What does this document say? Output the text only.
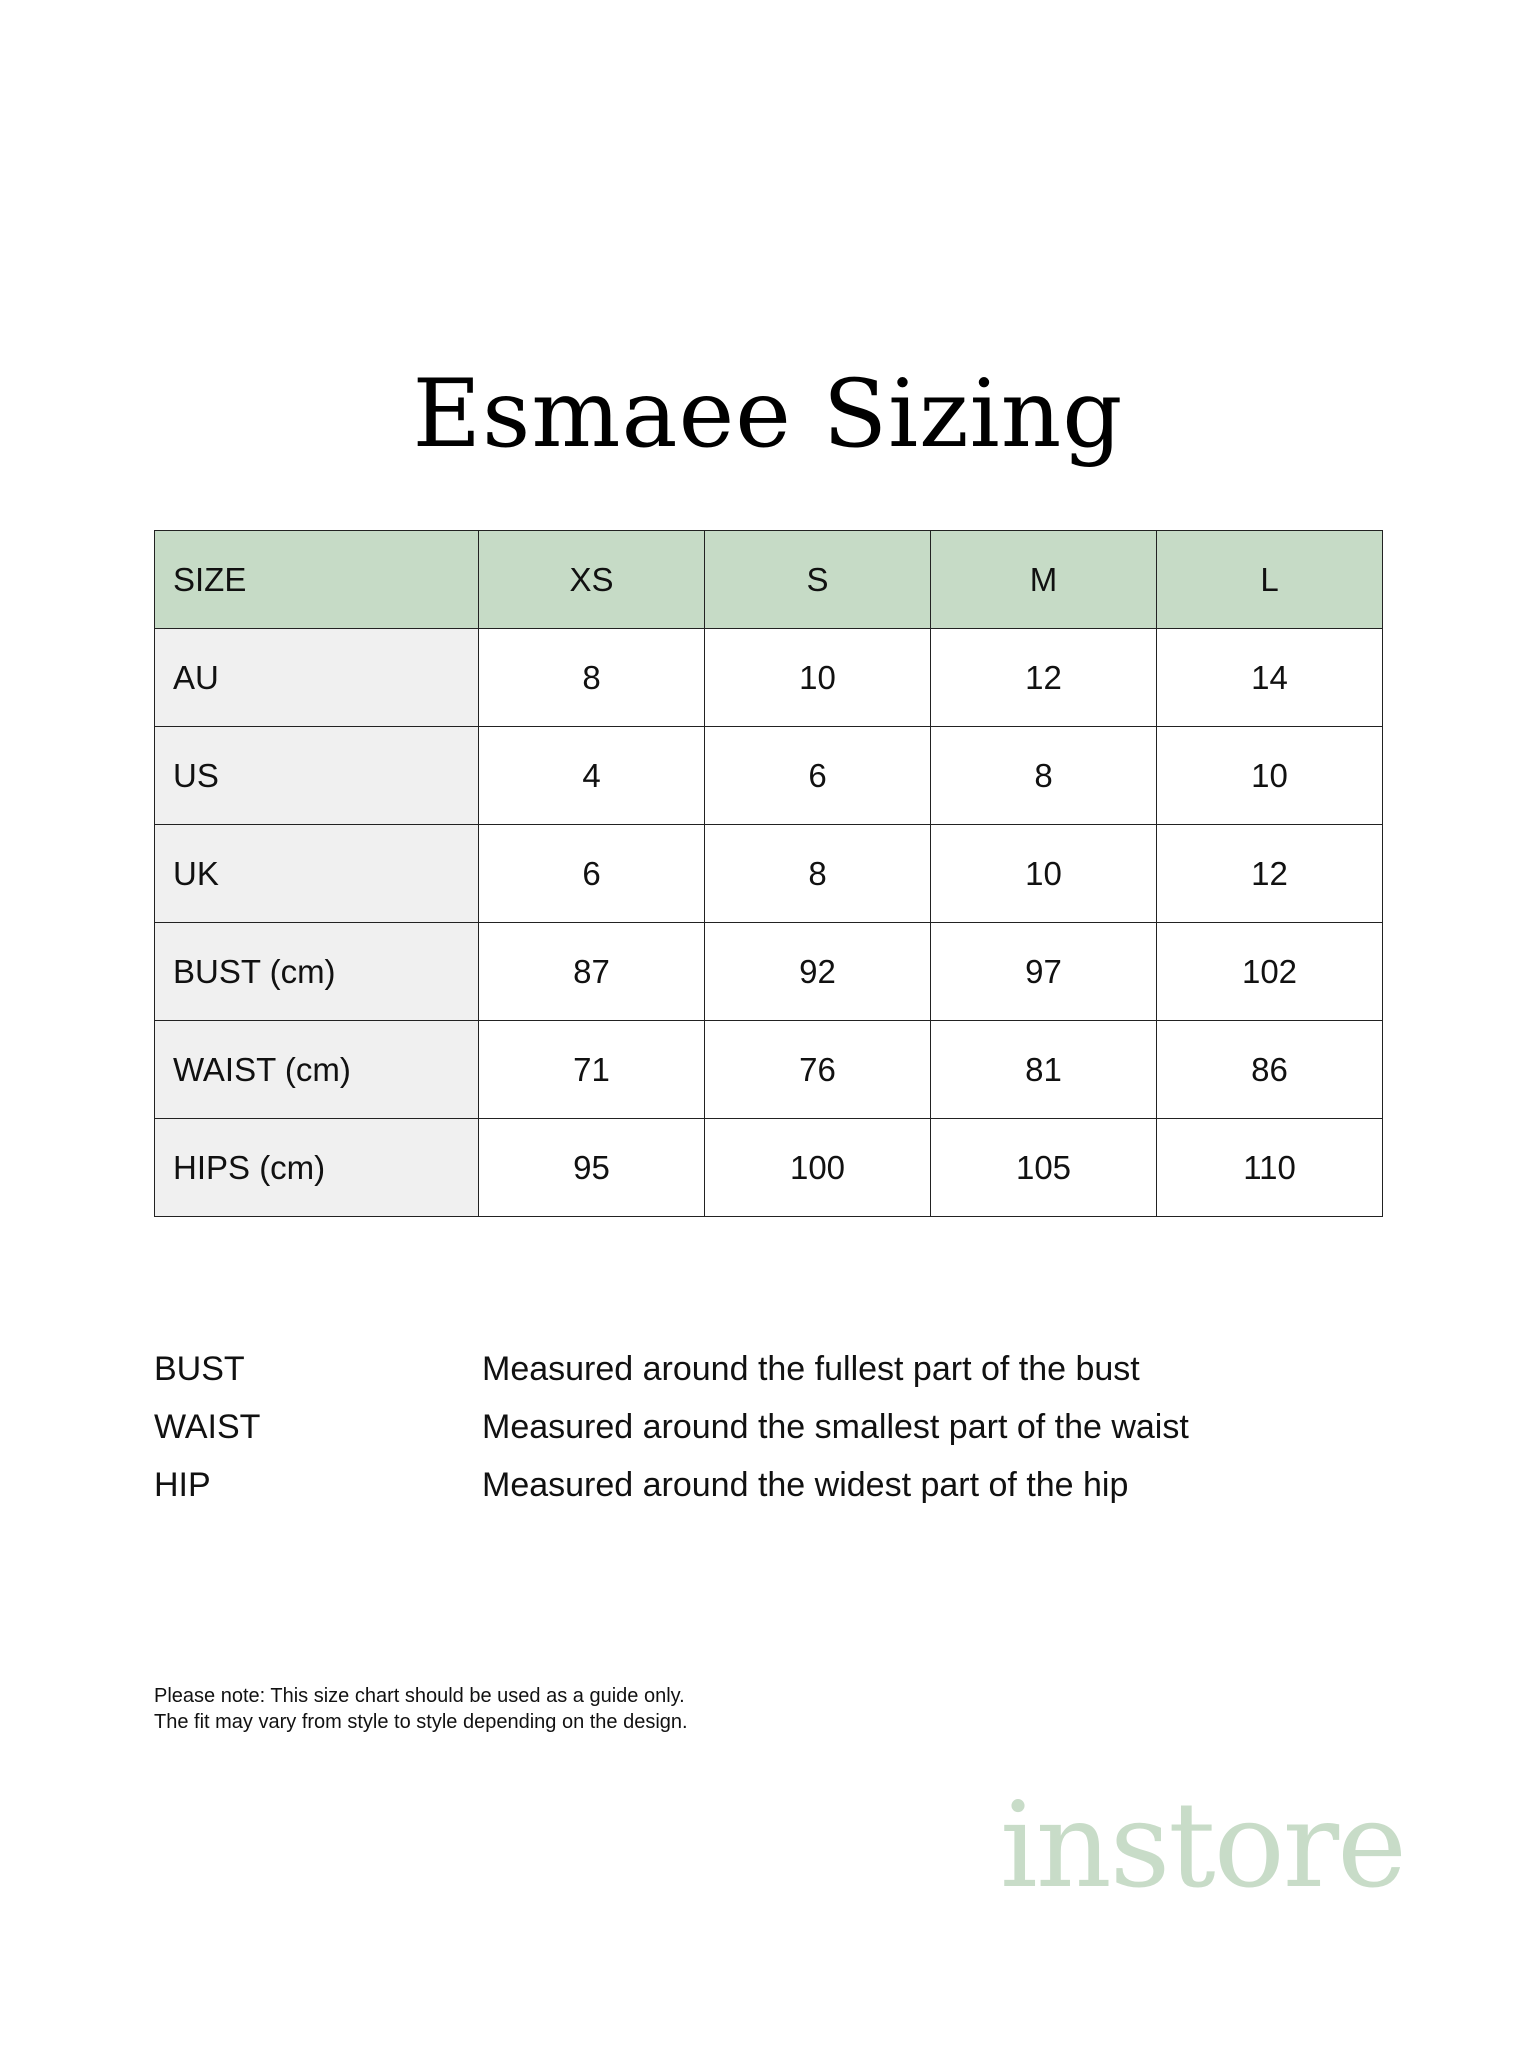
Esmaee Sizing
SIZE	XS	S	M	L
AU	8	10	12	14
US	4	6	8	10
UK	6	8	10	12
BUST (cm)	87	92	97	102
WAIST (cm)	71	76	81	86
HIPS (cm)	95	100	105	110
BUST	Measured around the fullest part of the bust
WAIST	Measured around the smallest part of the waist
HIP	Measured around the widest part of the hip
Please note: This size chart should be used as a guide only.
The fit may vary from style to style depending on the design.
instore
